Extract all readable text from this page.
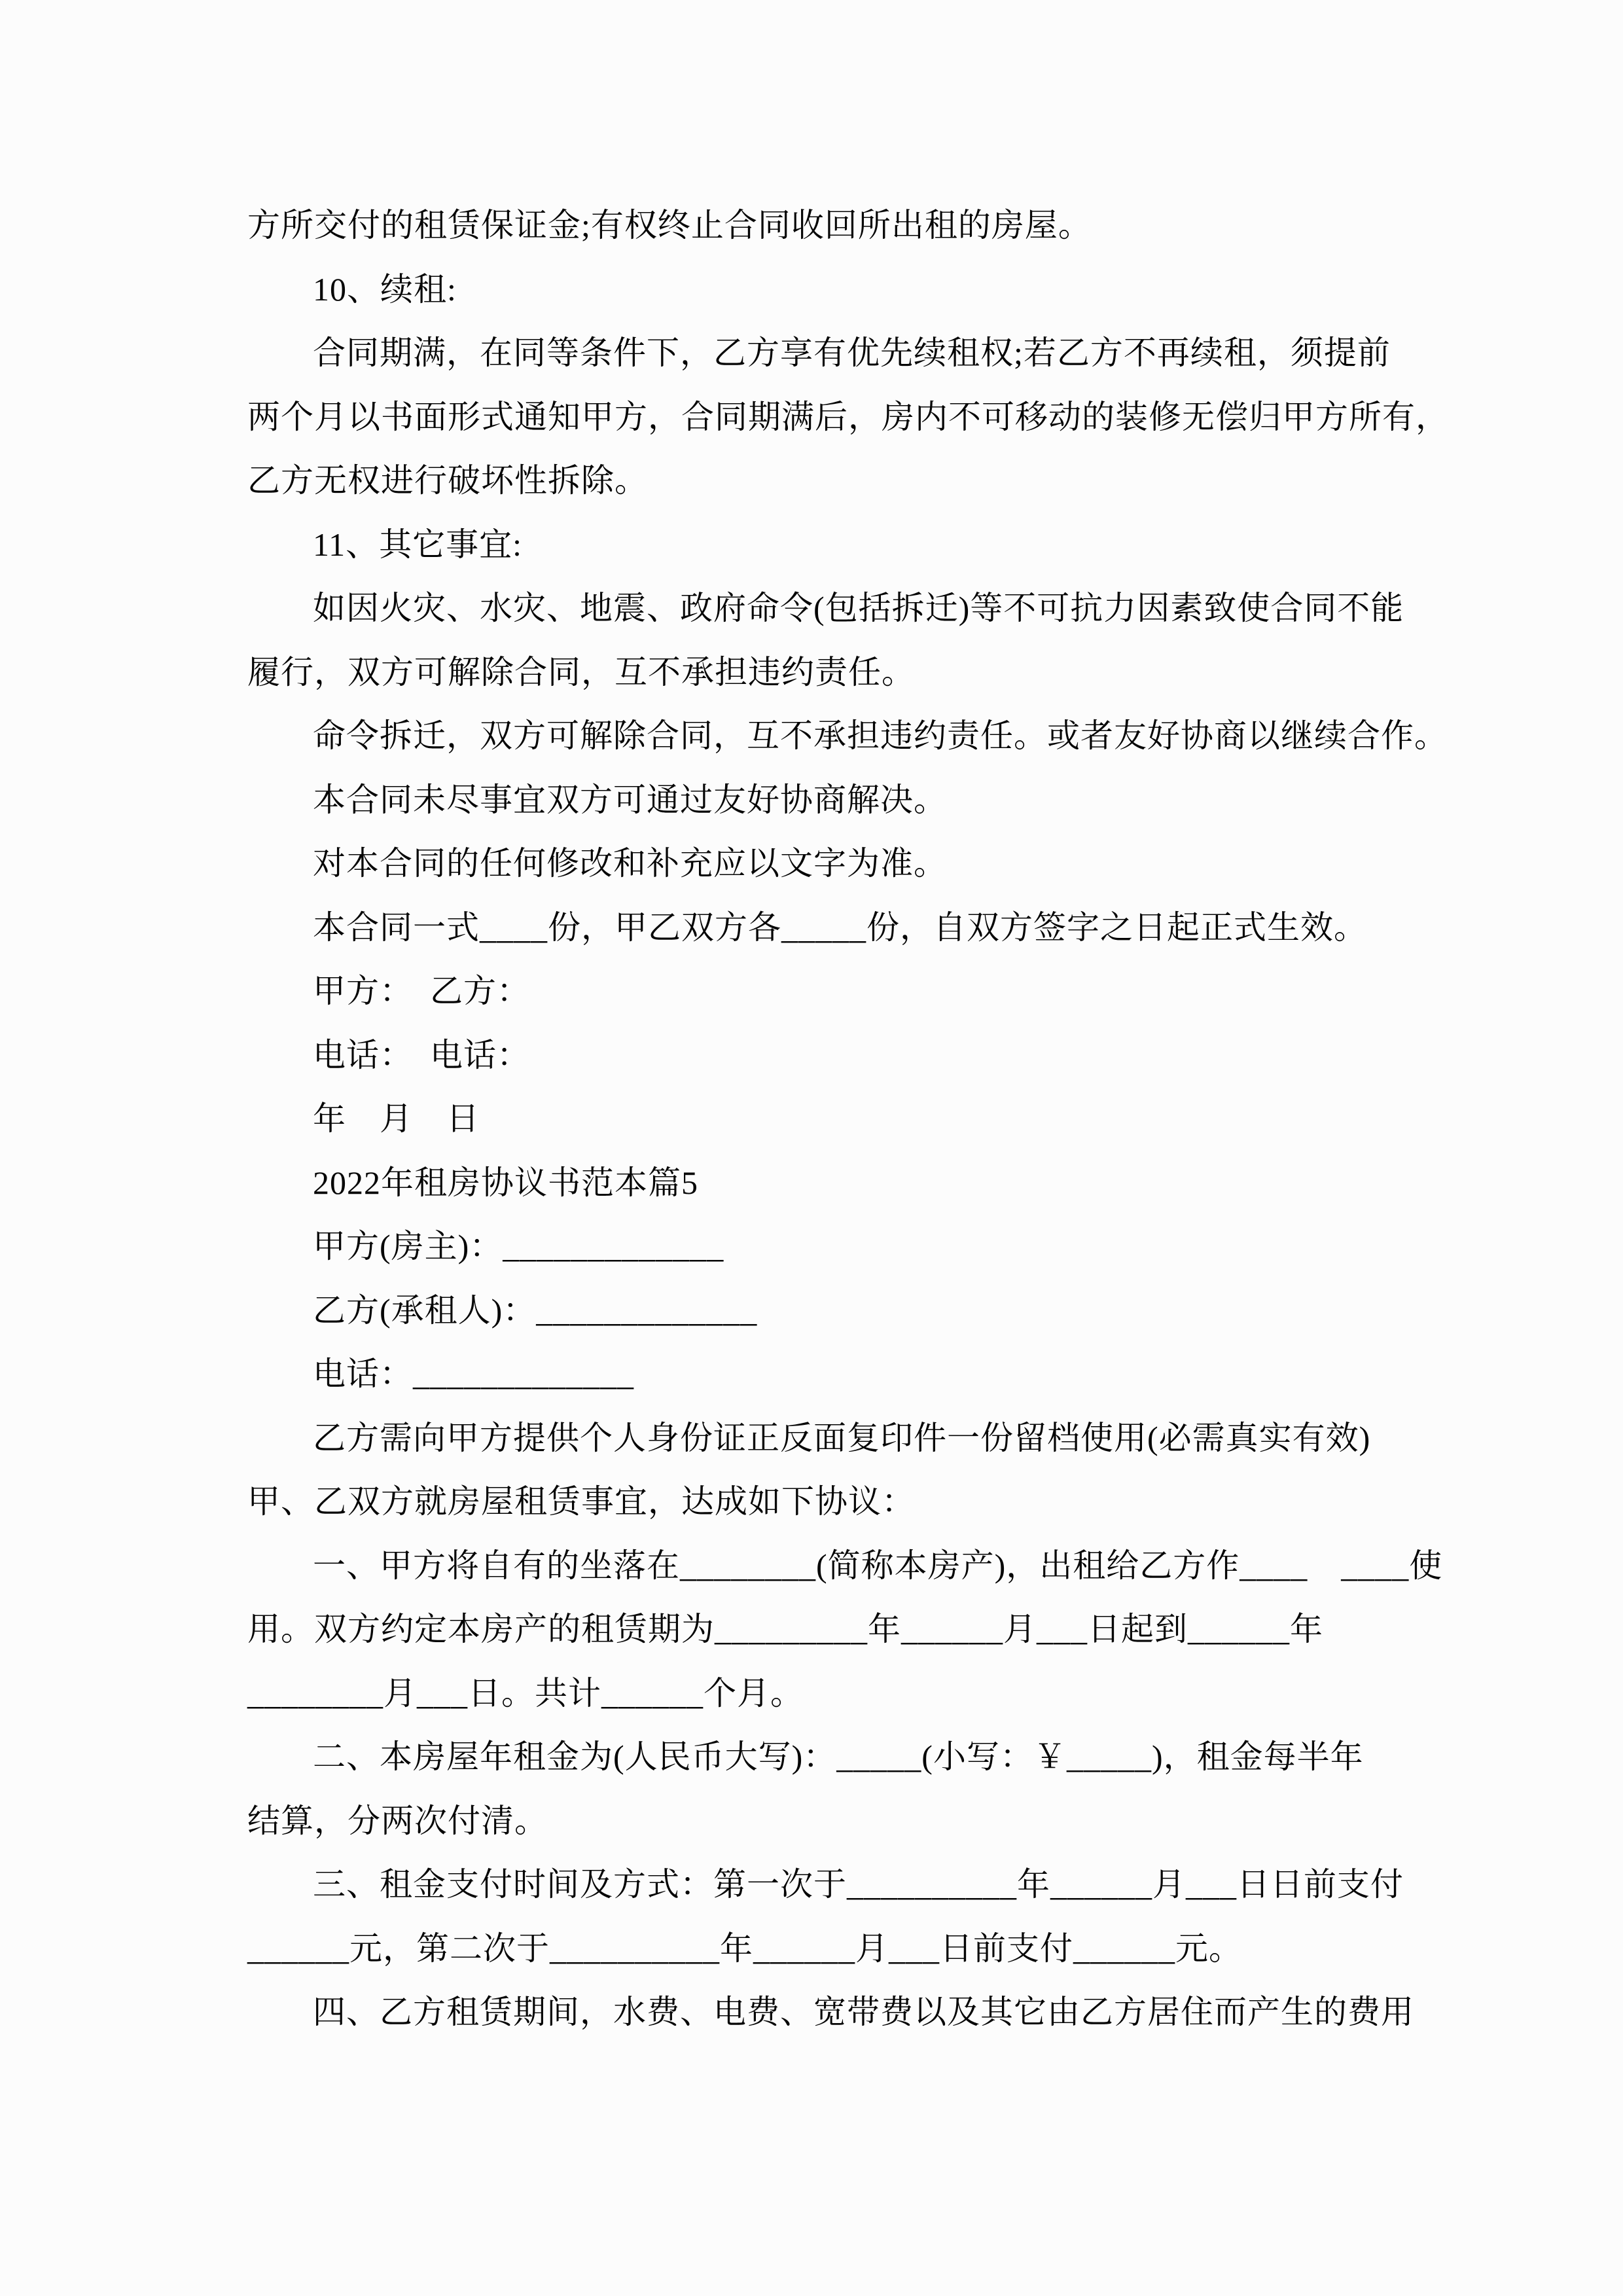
方所交付的租赁保证金;有权终止合同收回所出租的房屋。
10、续租:
合同期满，在同等条件下，乙方享有优先续租权;若乙方不再续租，须提前
两个月以书面形式通知甲方，合同期满后，房内不可移动的装修无偿归甲方所有，
乙方无权进行破坏性拆除。
11、其它事宜:
如因火灾、水灾、地震、政府命令(包括拆迁)等不可抗力因素致使合同不能
履行，双方可解除合同，互不承担违约责任。
命令拆迁，双方可解除合同，互不承担违约责任。或者友好协商以继续合作。
本合同未尽事宜双方可通过友好协商解决。
对本合同的任何修改和补充应以文字为准。
本合同一式____份，甲乙双方各_____份，自双方签字之日起正式生效。
甲方：　乙方：
电话：　电话：
年　月　日
2022年租房协议书范本篇5
甲方(房主)：_____________
乙方(承租人)：_____________
电话：_____________
乙方需向甲方提供个人身份证正反面复印件一份留档使用(必需真实有效)
甲、乙双方就房屋租赁事宜，达成如下协议：
一、甲方将自有的坐落在________(简称本房产)，出租给乙方作____　____使
用。双方约定本房产的租赁期为_________年______月___日起到______年
________月___日。共计______个月。
二、本房屋年租金为(人民币大写)：_____(小写：￥_____)，租金每半年
结算，分两次付清。
三、租金支付时间及方式：第一次于__________年______月___日日前支付
______元，第二次于__________年______月___日前支付______元。
四、乙方租赁期间，水费、电费、宽带费以及其它由乙方居住而产生的费用
